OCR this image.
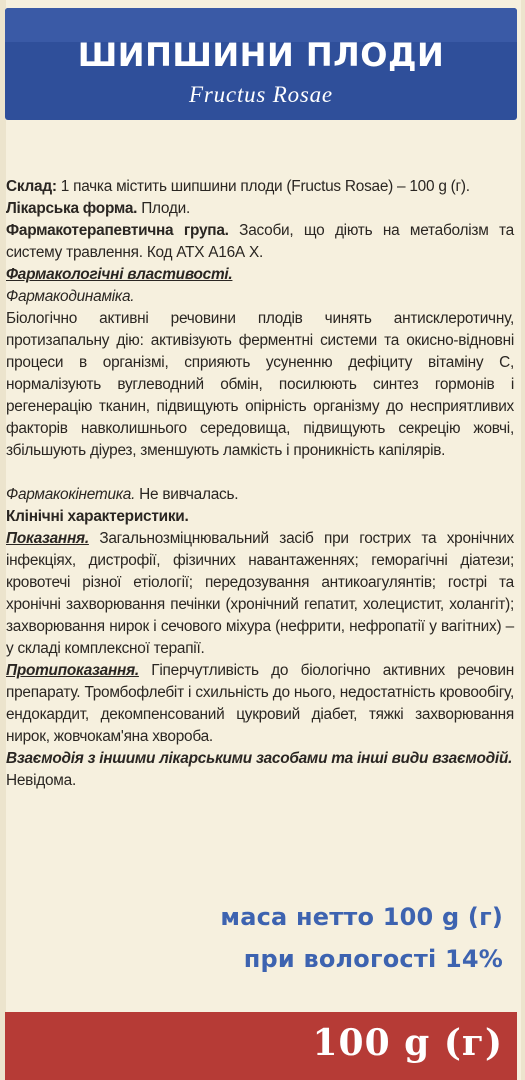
ШИПШИНИ ПЛОДИ
Fructus Rosae

Склад: 1 пачка містить шипшини плоди (Fructus Rosae) – 100 g (г).

Лікарська форма. Плоди.

Фармакотерапевтична група. Засоби, що діють на метаболізм та систему травлення. Код АТХ А16А X.

Фармакологічні властивості.

Фармакодинаміка.

Біологічно активні речовини плодів чинять антисклеротичну, протизапальну дію: активізують ферментні системи та окисно-відновні процеси в організмі, сприяють усуненню дефіциту вітаміну С, нормалізують вуглеводний обмін, посилюють синтез гормонів і регенерацію тканин, підвищують опірність організму до несприятливих факторів навколишнього середовища, підвищують секрецію жовчі, збільшують діурез, зменшують ламкість і проникність капілярів.

Фармакокінетика. Не вивчалась.

Клінічні характеристики.

Показання. Загальнозміцнювальний засіб при гострих та хронічних інфекціях, дистрофії, фізичних навантаженнях; геморагічні діатези; кровотечі різної етіології; передозування антикоагулянтів; гострі та хронічні захворювання печінки (хронічний гепатит, холецистит, холангіт); захворювання нирок і сечового міхура (нефрити, нефропатії у вагітних) – у складі комплексної терапії.

Протипоказання. Гіперчутливість до біологічно активних речовин препарату. Тромбофлебіт і схильність до нього, недостатність кровообігу, ендокардит, декомпенсований цукровий діабет, тяжкі захворювання нирок, жовчокам'яна хвороба.

Взаємодія з іншими лікарськими засобами та інші види взаємодій.

Невідома.

маса нетто 100 g (г)
при вологості 14%
100 g (г)
